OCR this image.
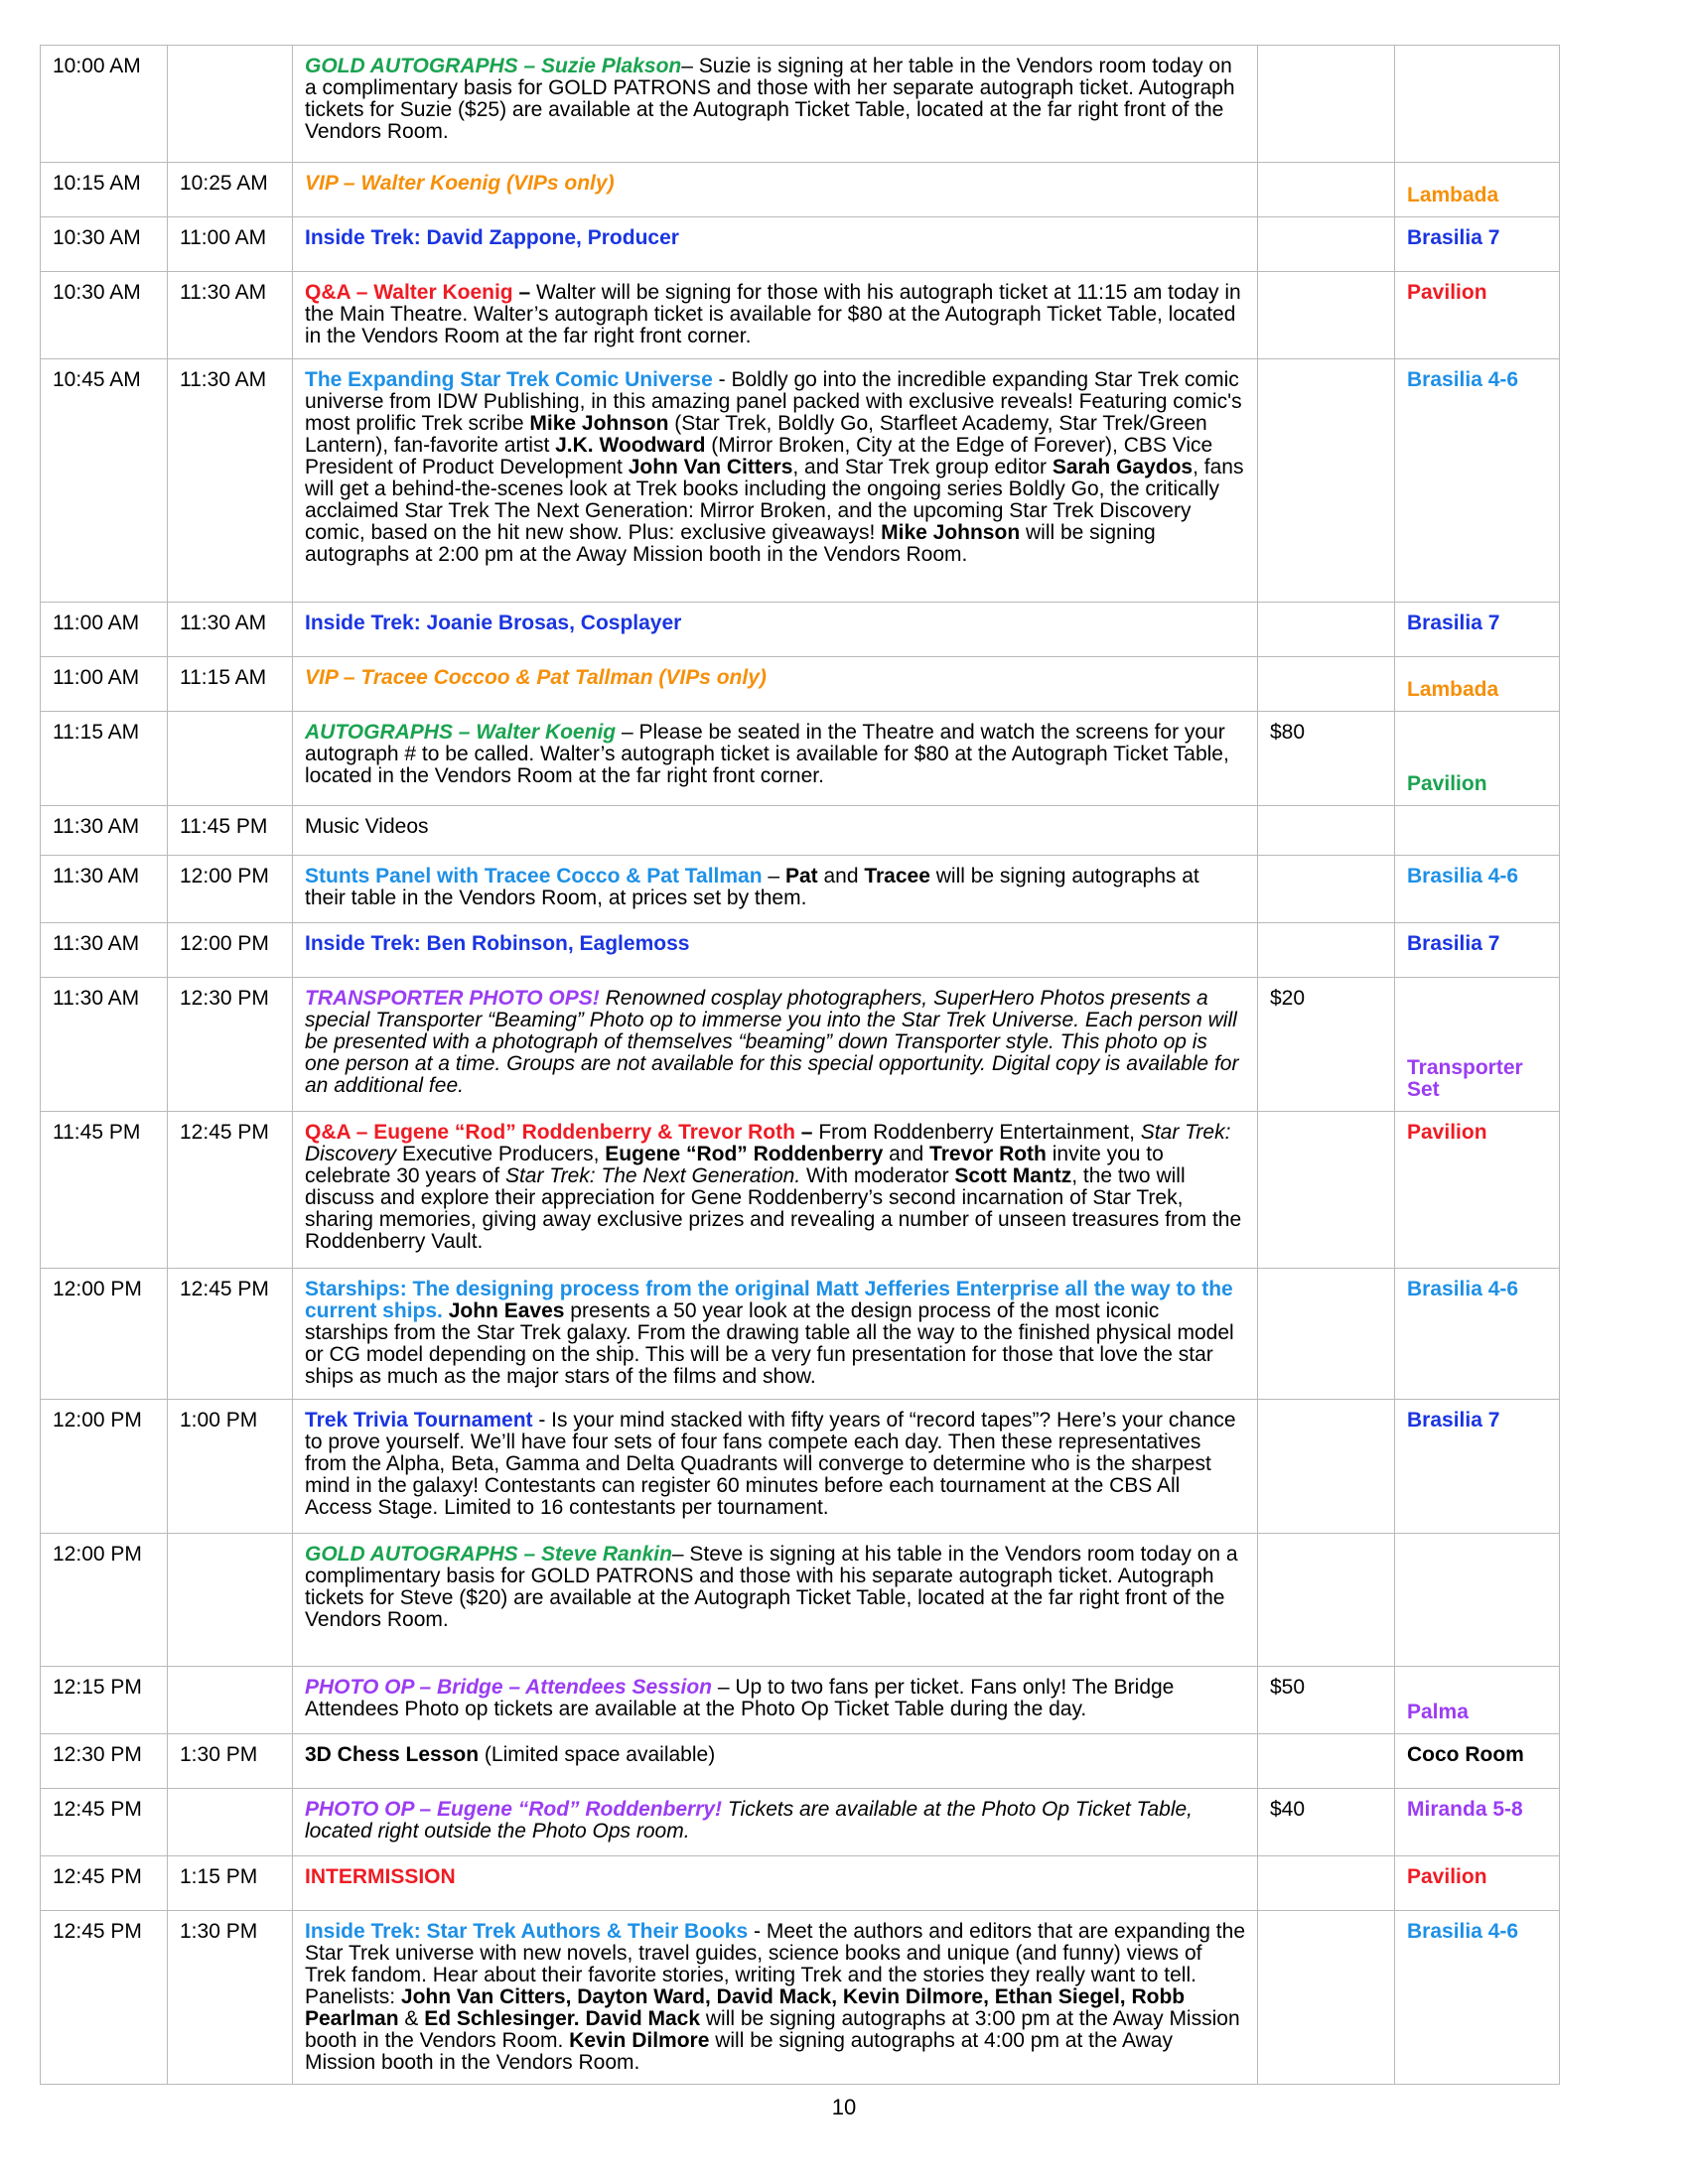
10:00 AM		GOLD AUTOGRAPHS – Suzie Plakson– Suzie is signing at her table in the Vendors room today on a complimentary basis for GOLD PATRONS and those with her separate autograph ticket. Autograph tickets for Suzie ($25) are available at the Autograph Ticket Table, located at the far right front of the Vendors Room.		
10:15 AM	10:25 AM	VIP – Walter Koenig (VIPs only)		Lambada
10:30 AM	11:00 AM	Inside Trek: David Zappone, Producer		Brasilia 7
10:30 AM	11:30 AM	Q&A – Walter Koenig – Walter will be signing for those with his autograph ticket at 11:15 am today in the Main Theatre. Walter’s autograph ticket is available for $80 at the Autograph Ticket Table, located in the Vendors Room at the far right front corner.		Pavilion
10:45 AM	11:30 AM	The Expanding Star Trek Comic Universe - Boldly go into the incredible expanding Star Trek comic universe from IDW Publishing, in this amazing panel packed with exclusive reveals! Featuring comic's most prolific Trek scribe Mike Johnson (Star Trek, Boldly Go, Starfleet Academy, Star Trek/Green Lantern), fan-favorite artist J.K. Woodward (Mirror Broken, City at the Edge of Forever), CBS Vice President of Product Development John Van Citters, and Star Trek group editor Sarah Gaydos, fans will get a behind-the-scenes look at Trek books including the ongoing series Boldly Go, the critically acclaimed Star Trek The Next Generation: Mirror Broken, and the upcoming Star Trek Discovery comic, based on the hit new show. Plus: exclusive giveaways! Mike Johnson will be signing autographs at 2:00 pm at the Away Mission booth in the Vendors Room.		Brasilia 4-6
11:00 AM	11:30 AM	Inside Trek: Joanie Brosas, Cosplayer		Brasilia 7
11:00 AM	11:15 AM	VIP – Tracee Coccoo & Pat Tallman (VIPs only)		Lambada
11:15 AM		AUTOGRAPHS – Walter Koenig – Please be seated in the Theatre and watch the screens for your autograph # to be called. Walter’s autograph ticket is available for $80 at the Autograph Ticket Table, located in the Vendors Room at the far right front corner.	$80	Pavilion
11:30 AM	11:45 PM	Music Videos		
11:30 AM	12:00 PM	Stunts Panel with Tracee Cocco & Pat Tallman – Pat and Tracee will be signing autographs at their table in the Vendors Room, at prices set by them.		Brasilia 4-6
11:30 AM	12:00 PM	Inside Trek: Ben Robinson, Eaglemoss		Brasilia 7
11:30 AM	12:30 PM	TRANSPORTER PHOTO OPS! Renowned cosplay photographers, SuperHero Photos presents a special Transporter “Beaming” Photo op to immerse you into the Star Trek Universe. Each person will be presented with a photograph of themselves “beaming” down Transporter style. This photo op is one person at a time. Groups are not available for this special opportunity. Digital copy is available for an additional fee.	$20	Transporter Set
11:45 PM	12:45 PM	Q&A – Eugene “Rod” Roddenberry & Trevor Roth – From Roddenberry Entertainment, Star Trek: Discovery Executive Producers, Eugene “Rod” Roddenberry and Trevor Roth invite you to celebrate 30 years of Star Trek: The Next Generation. With moderator Scott Mantz, the two will discuss and explore their appreciation for Gene Roddenberry’s second incarnation of Star Trek, sharing memories, giving away exclusive prizes and revealing a number of unseen treasures from the Roddenberry Vault.		Pavilion
12:00 PM	12:45 PM	Starships: The designing process from the original Matt Jefferies Enterprise all the way to the current ships. John Eaves presents a 50 year look at the design process of the most iconic starships from the Star Trek galaxy. From the drawing table all the way to the finished physical model or CG model depending on the ship. This will be a very fun presentation for those that love the star ships as much as the major stars of the films and show.		Brasilia 4-6
12:00 PM	1:00 PM	Trek Trivia Tournament - Is your mind stacked with fifty years of “record tapes”? Here’s your chance to prove yourself. We’ll have four sets of four fans compete each day. Then these representatives from the Alpha, Beta, Gamma and Delta Quadrants will converge to determine who is the sharpest mind in the galaxy! Contestants can register 60 minutes before each tournament at the CBS All Access Stage. Limited to 16 contestants per tournament.		Brasilia 7
12:00 PM		GOLD AUTOGRAPHS – Steve Rankin– Steve is signing at his table in the Vendors room today on a complimentary basis for GOLD PATRONS and those with his separate autograph ticket. Autograph tickets for Steve ($20) are available at the Autograph Ticket Table, located at the far right front of the Vendors Room.		
12:15 PM		PHOTO OP – Bridge – Attendees Session – Up to two fans per ticket. Fans only! The Bridge Attendees Photo op tickets are available at the Photo Op Ticket Table during the day.	$50	Palma
12:30 PM	1:30 PM	3D Chess Lesson (Limited space available)		Coco Room
12:45 PM		PHOTO OP – Eugene “Rod” Roddenberry! Tickets are available at the Photo Op Ticket Table, located right outside the Photo Ops room.	$40	Miranda 5-8
12:45 PM	1:15 PM	INTERMISSION		Pavilion
12:45 PM	1:30 PM	Inside Trek: Star Trek Authors & Their Books - Meet the authors and editors that are expanding the Star Trek universe with new novels, travel guides, science books and unique (and funny) views of Trek fandom. Hear about their favorite stories, writing Trek and the stories they really want to tell. Panelists: John Van Citters, Dayton Ward, David Mack, Kevin Dilmore, Ethan Siegel, Robb Pearlman & Ed Schlesinger. David Mack will be signing autographs at 3:00 pm at the Away Mission booth in the Vendors Room. Kevin Dilmore will be signing autographs at 4:00 pm at the Away Mission booth in the Vendors Room.		Brasilia 4-6
10
